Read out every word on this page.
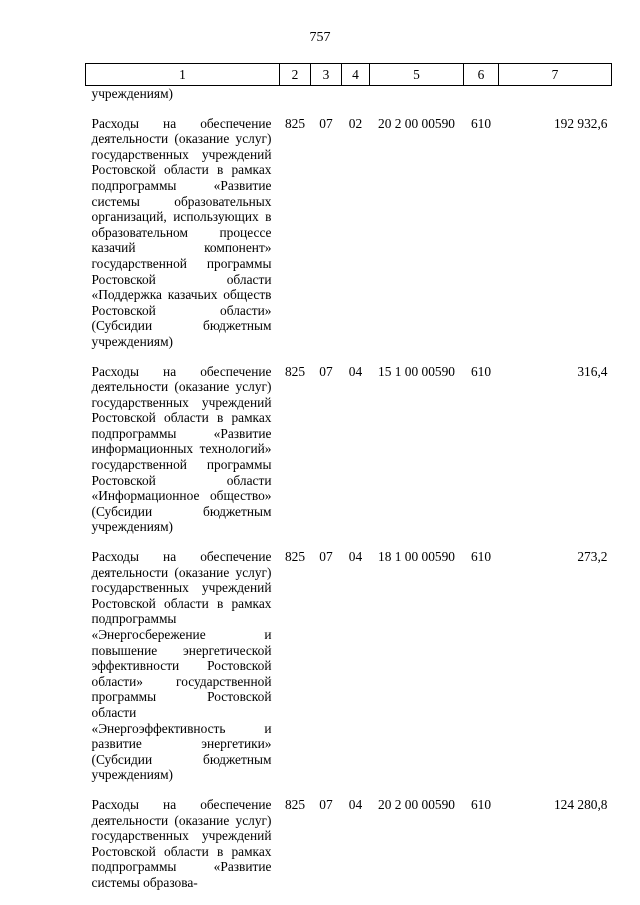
757
1	2	3	4	5	6	7
учреждениям)						
Расходы на обеспечение деятельности (оказание услуг) государственных учреждений Ростовской области в рамках подпрограммы «Развитие системы образовательных организаций, использующих в образовательном процессе казачий компонент» государственной программы Ростовской области «Поддержка казачьих обществ Ростовской области» (Субсидии бюджетным учреждениям)	825	07	02	20 2 00 00590	610	192 932,6
Расходы на обеспечение деятельности (оказание услуг) государственных учреждений Ростовской области в рамках подпрограммы «Развитие информационных технологий» государственной программы Ростовской области «Информационное общество» (Субсидии бюджетным учреждениям)	825	07	04	15 1 00 00590	610	316,4
Расходы на обеспечение деятельности (оказание услуг) государственных учреждений Ростовской области в рамках подпрограммы «Энергосбережение и повышение энергетической эффективности Ростовской области» государственной программы Ростовской области «Энергоэффективность и развитие энергетики» (Субсидии бюджетным учреждениям)	825	07	04	18 1 00 00590	610	273,2
Расходы на обеспечение деятельности (оказание услуг) государственных учреждений Ростовской области в рамках подпрограммы «Развитие системы образова-	825	07	04	20 2 00 00590	610	124 280,8
